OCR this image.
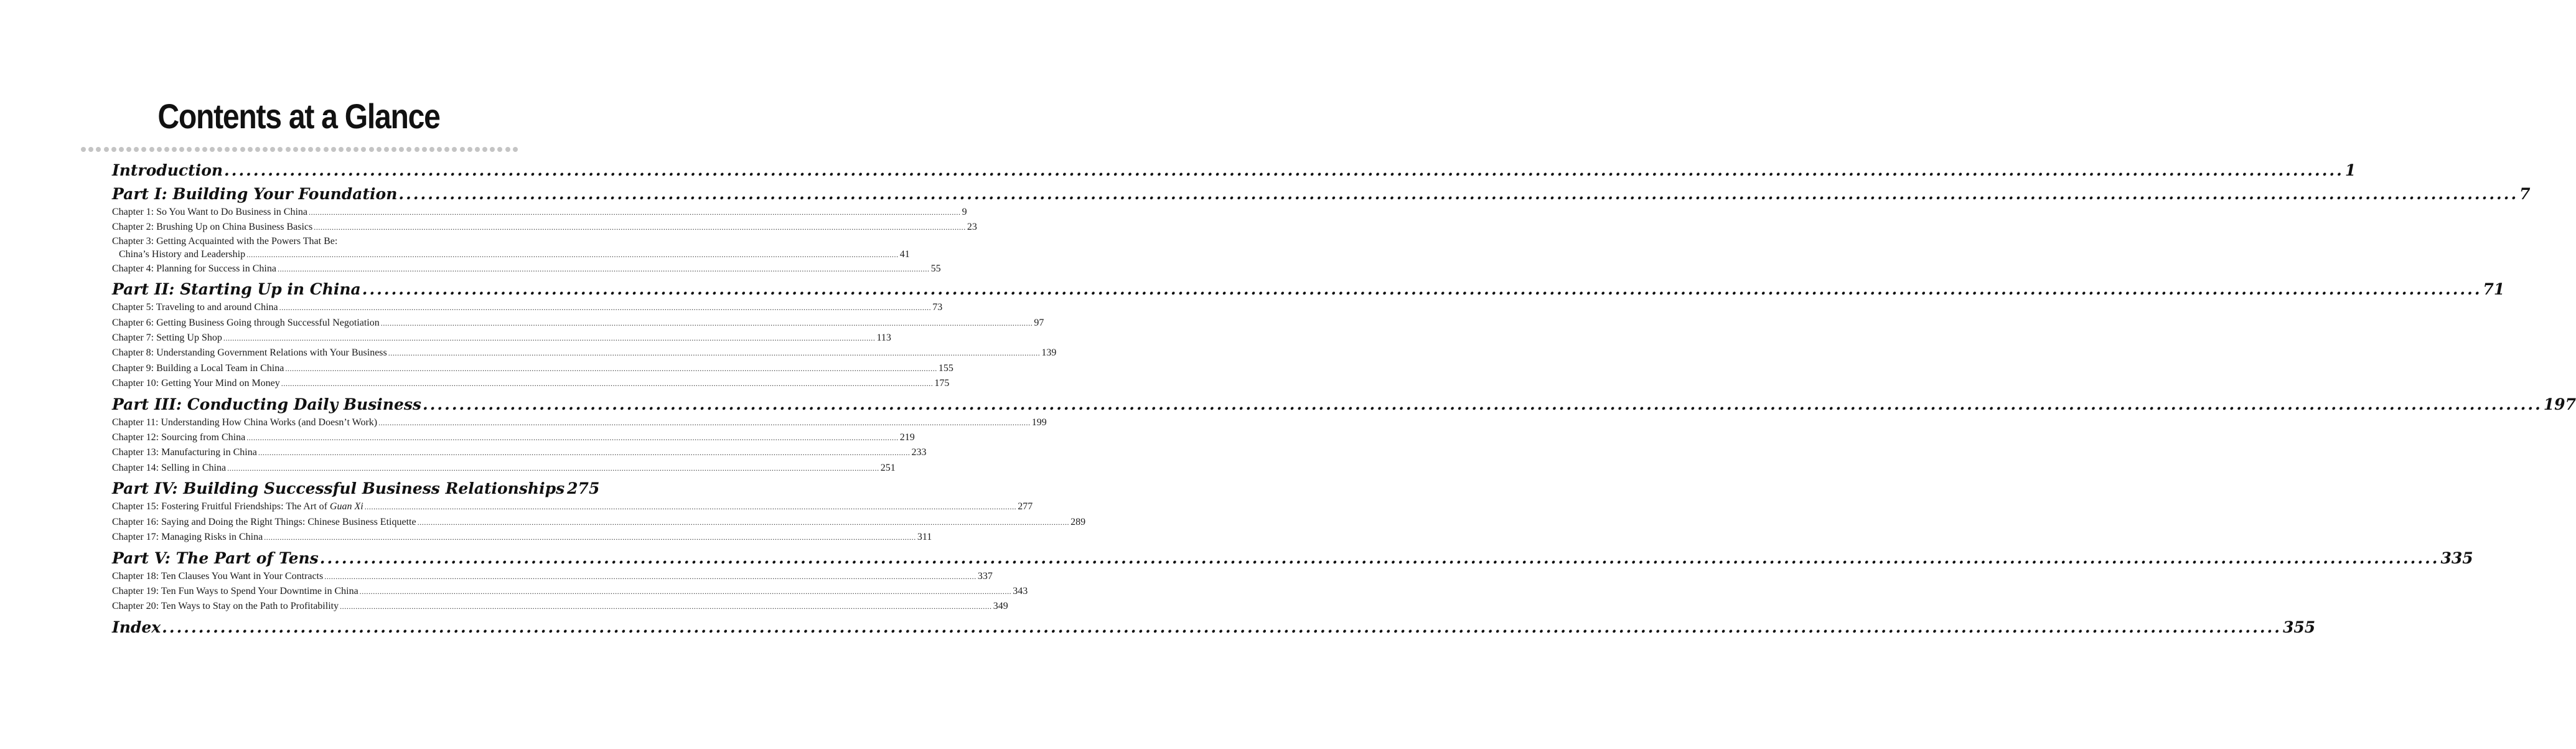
Contents at a Glance
Introduction .....	1
Part I: Building Your Foundation .....	7
Chapter 1: So You Want to Do Business in China .....	9
Chapter 2: Brushing Up on China Business Basics .....	23
Chapter 3: Getting Acquainted with the Powers That Be:
China’s History and Leadership .....	41
Chapter 4: Planning for Success in China .....	55
Part II: Starting Up in China .....	71
Chapter 5: Traveling to and around China .....	73
Chapter 6: Getting Business Going through Successful Negotiation .....	97
Chapter 7: Setting Up Shop .....	113
Chapter 8: Understanding Government Relations with Your Business .....	139
Chapter 9: Building a Local Team in China .....	155
Chapter 10: Getting Your Mind on Money .....	175
Part III: Conducting Daily Business .....	197
Chapter 11: Understanding How China Works (and Doesn’t Work) .....	199
Chapter 12: Sourcing from China .....	219
Chapter 13: Manufacturing in China .....	233
Chapter 14: Selling in China .....	251
Part IV: Building Successful Business Relationships 275
Chapter 15: Fostering Fruitful Friendships: The Art of Guan Xi .....	277
Chapter 16: Saying and Doing the Right Things: Chinese Business Etiquette .....	289
Chapter 17: Managing Risks in China .....	311
Part V: The Part of Tens .....	335
Chapter 18: Ten Clauses You Want in Your Contracts .....	337
Chapter 19: Ten Fun Ways to Spend Your Downtime in China .....	343
Chapter 20: Ten Ways to Stay on the Path to Profitability .....	349
Index .....	355
